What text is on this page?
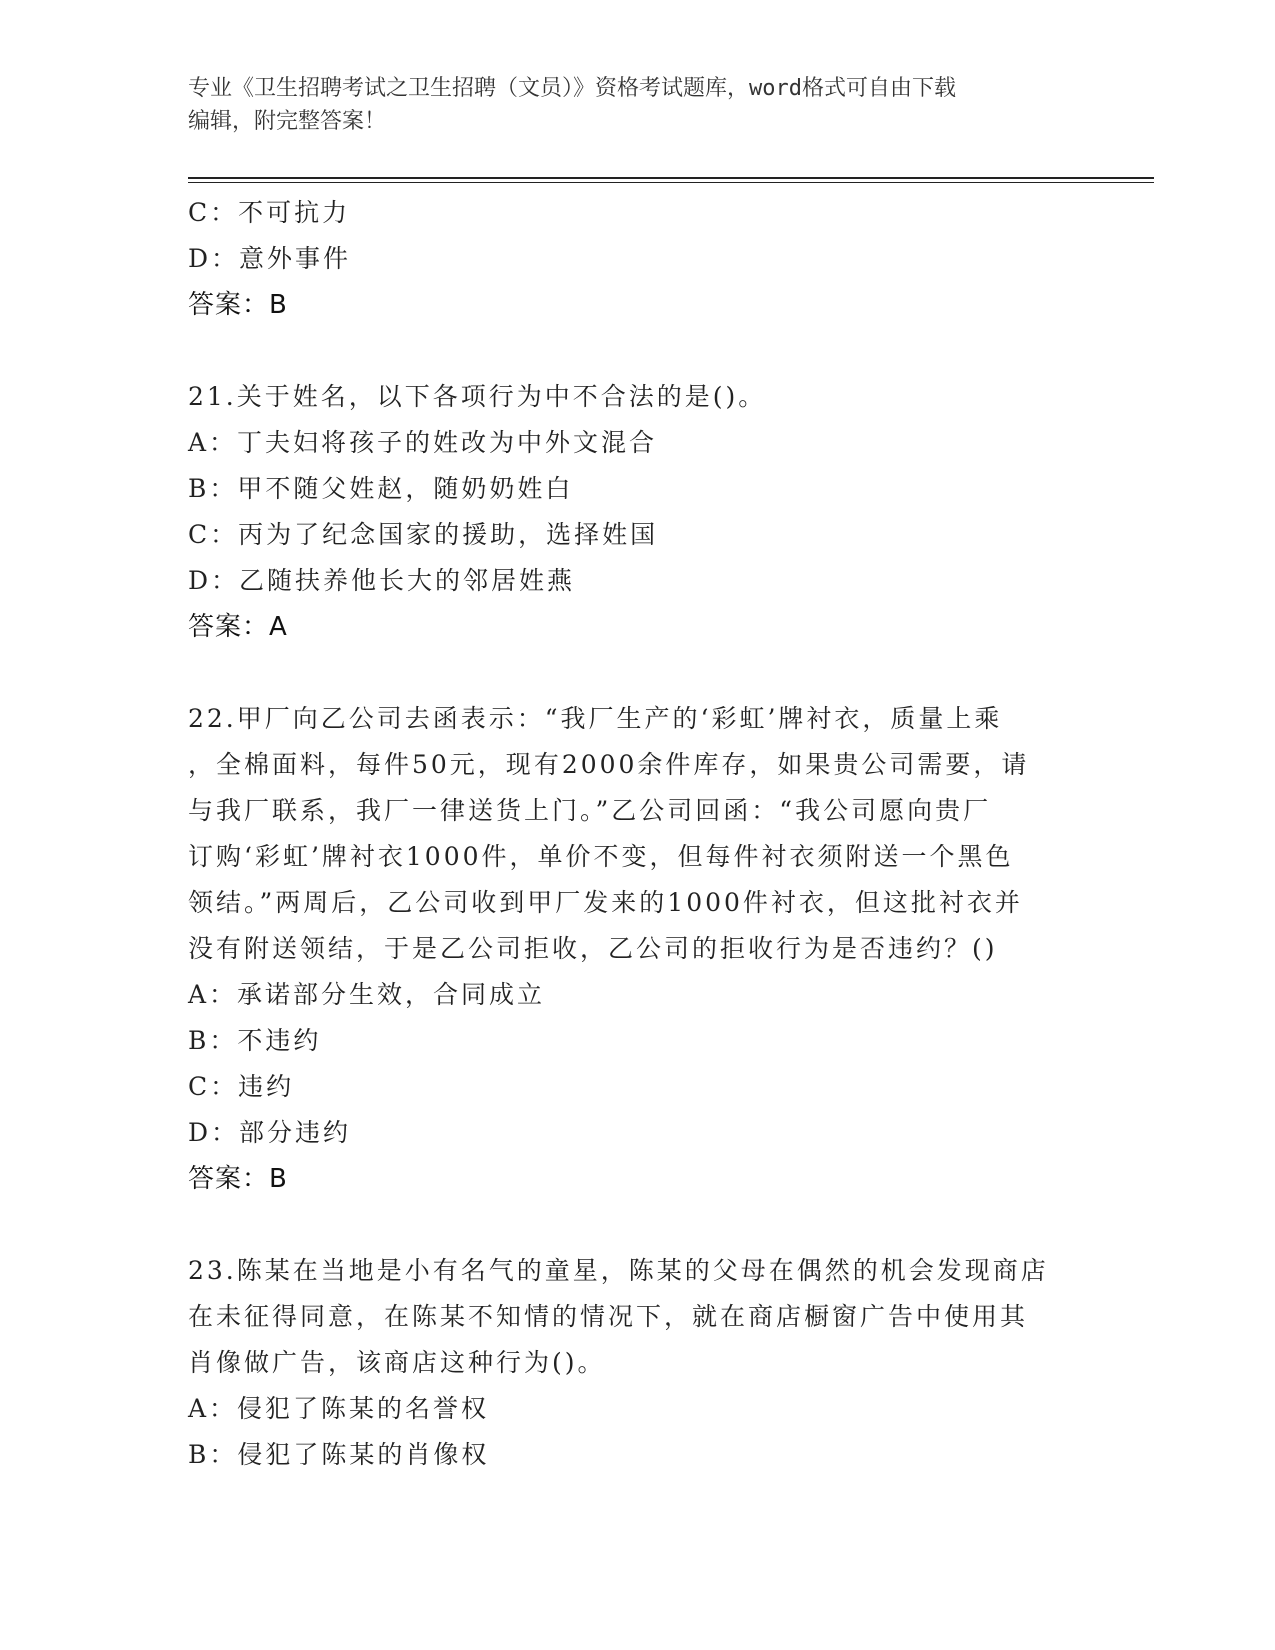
专业《卫生招聘考试之卫生招聘（文员）》资格考试题库，word格式可自由下载
编辑，附完整答案！
C：不可抗力
D：意外事件
答案：B
21.关于姓名，以下各项行为中不合法的是()。
A：丁夫妇将孩子的姓改为中外文混合
B：甲不随父姓赵，随奶奶姓白
C：丙为了纪念国家的援助，选择姓国
D：乙随扶养他长大的邻居姓燕
答案：A
22.甲厂向乙公司去函表示：“我厂生产的‘彩虹’牌衬衣，质量上乘
，全棉面料，每件50元，现有2000余件库存，如果贵公司需要，请
与我厂联系，我厂一律送货上门。”乙公司回函：“我公司愿向贵厂
订购‘彩虹’牌衬衣1000件，单价不变，但每件衬衣须附送一个黑色
领结。”两周后，乙公司收到甲厂发来的1000件衬衣，但这批衬衣并
没有附送领结，于是乙公司拒收，乙公司的拒收行为是否违约？()
A：承诺部分生效，合同成立
B：不违约
C：违约
D：部分违约
答案：B
23.陈某在当地是小有名气的童星，陈某的父母在偶然的机会发现商店
在未征得同意，在陈某不知情的情况下，就在商店橱窗广告中使用其
肖像做广告，该商店这种行为()。
A：侵犯了陈某的名誉权
B：侵犯了陈某的肖像权
